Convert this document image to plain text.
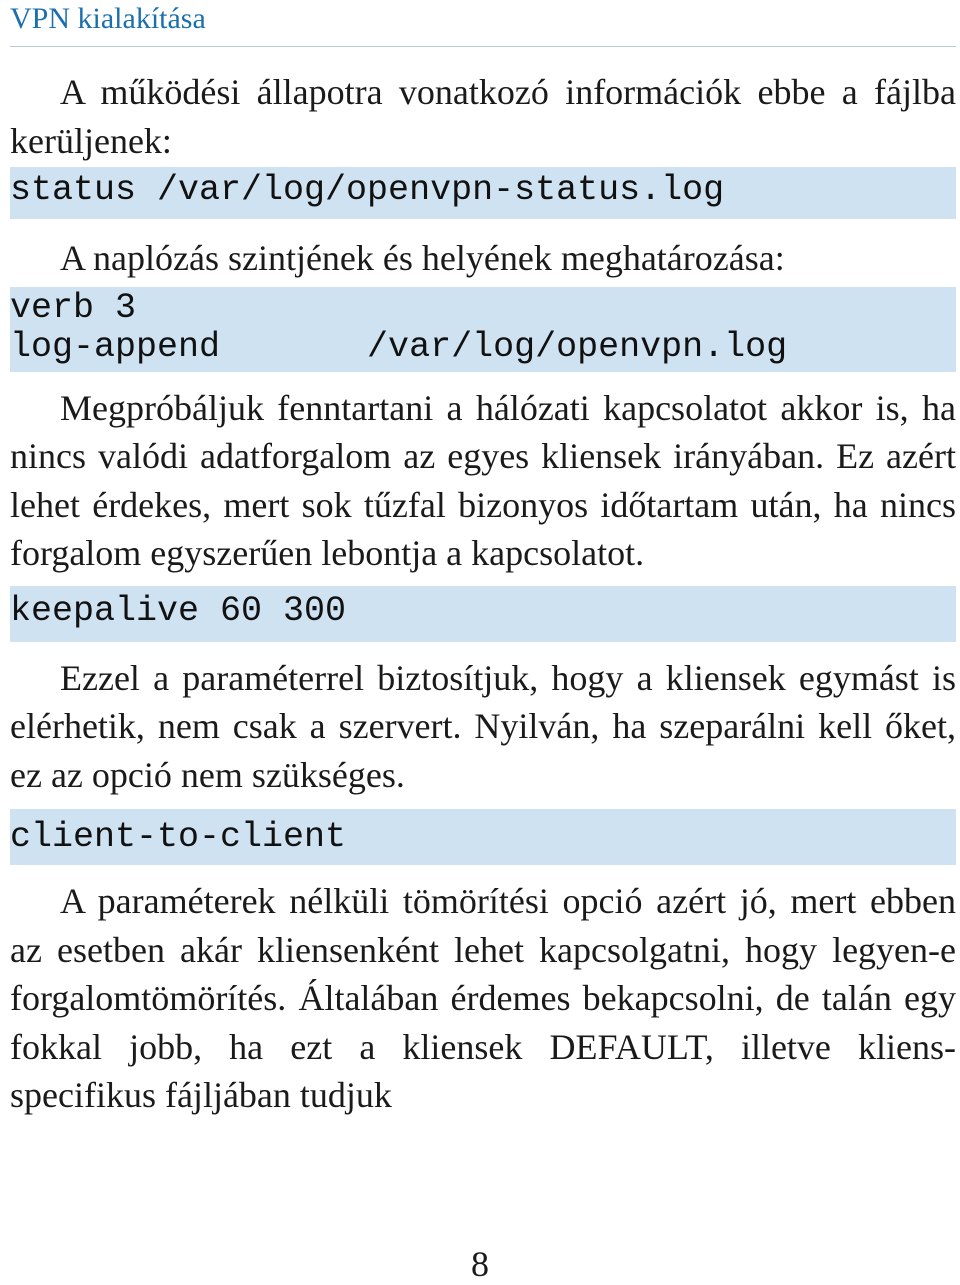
VPN kialakítása

A működési állapotra vonatkozó információk ebbe a fájlba kerüljenek:

status /var/log/openvpn-status.log

A naplózás szintjének és helyének meghatározása:

verb 3
log-append       /var/log/openvpn.log

Megpróbáljuk fenntartani a hálózati kapcsolatot akkor is, ha nincs valódi adatforgalom az egyes kliensek irányában. Ez azért lehet érdekes, mert sok tűzfal bizonyos időtartam után, ha nincs forgalom egyszerűen lebontja a kapcsolatot.

keepalive 60 300

Ezzel a paraméterrel biztosítjuk, hogy a kliensek egymást is elérhetik, nem csak a szervert. Nyilván, ha szeparálni kell őket, ez az opció nem szükséges.

client-to-client

A paraméterek nélküli tömörítési opció azért jó, mert ebben az esetben akár kliensenként lehet kapcsolgatni, hogy legyen-e forgalomtömörítés. Általában érdemes bekapcsolni, de talán egy fokkal jobb, ha ezt a kliensek DEFAULT, illetve kliens-specifikus fájljában tudjuk

8
